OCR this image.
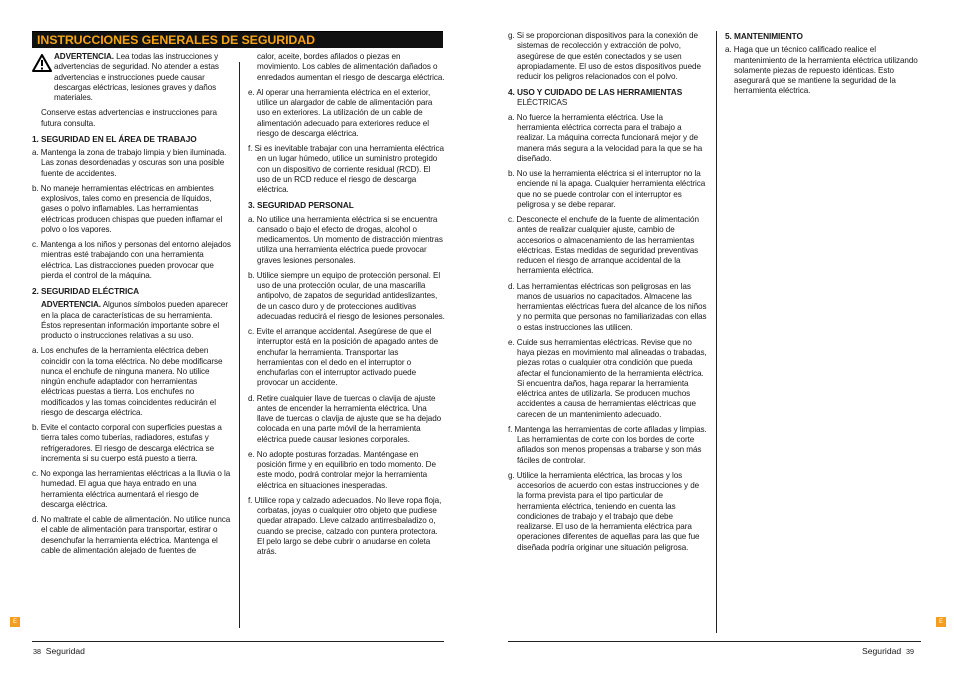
INSTRUCCIONES GENERALES DE SEGURIDAD
ADVERTENCIA. Lea todas las instrucciones y advertencias de seguridad. No atender a estas advertencias e instrucciones puede causar descargas eléctricas, lesiones graves y daños materiales.

Conserve estas advertencias e instrucciones para futura consulta.

1. SEGURIDAD EN EL ÁREA DE TRABAJO

a. Mantenga la zona de trabajo limpia y bien iluminada. Las zonas desordenadas y oscuras son una posible fuente de accidentes.

b. No maneje herramientas eléctricas en ambientes explosivos, tales como en presencia de líquidos, gases o polvo inflamables. Las herramientas eléctricas producen chispas que pueden inflamar el polvo o los vapores.

c. Mantenga a los niños y personas del entorno alejados mientras esté trabajando con una herramienta eléctrica. Las distracciones pueden provocar que pierda el control de la máquina.

2. SEGURIDAD ELÉCTRICA

ADVERTENCIA. Algunos símbolos pueden aparecer en la placa de características de su herramienta. Éstos representan información importante sobre el producto o instrucciones relativas a su uso.

a. Los enchufes de la herramienta eléctrica deben coincidir con la toma eléctrica. No debe modificarse nunca el enchufe de ninguna manera. No utilice ningún enchufe adaptador con herramientas eléctricas puestas a tierra. Los enchufes no modificados y las tomas coincidentes reducirán el riesgo de descarga eléctrica.

b. Evite el contacto corporal con superficies puestas a tierra tales como tuberías, radiadores, estufas y refrigeradores. El riesgo de descarga eléctrica se incrementa si su cuerpo está puesto a tierra.

c. No exponga las herramientas eléctricas a la lluvia o la humedad. El agua que haya entrado en una herramienta eléctrica aumentará el riesgo de descarga eléctrica.

d. No maltrate el cable de alimentación. No utilice nunca el cable de alimentación para transportar, estirar o desenchufar la herramienta eléctrica. Mantenga el cable de alimentación alejado de fuentes de

calor, aceite, bordes afilados o piezas en movimiento. Los cables de alimentación dañados o enredados aumentan el riesgo de descarga eléctrica.

e. Al operar una herramienta eléctrica en el exterior, utilice un alargador de cable de alimentación para uso en exteriores. La utilización de un cable de alimentación adecuado para exteriores reduce el riesgo de descarga eléctrica.

f. Si es inevitable trabajar con una herramienta eléctrica en un lugar húmedo, utilice un suministro protegido con un dispositivo de corriente residual (RCD). El uso de un RCD reduce el riesgo de descarga eléctrica.

3. SEGURIDAD PERSONAL

a. No utilice una herramienta eléctrica si se encuentra cansado o bajo el efecto de drogas, alcohol o medicamentos. Un momento de distracción mientras utiliza una herramienta eléctrica puede provocar graves lesiones personales.

b. Utilice siempre un equipo de protección personal. El uso de una protección ocular, de una mascarilla antipolvo, de zapatos de seguridad antideslizantes, de un casco duro y de protecciones auditivas adecuadas reducirá el riesgo de lesiones personales.

c. Evite el arranque accidental. Asegúrese de que el interruptor está en la posición de apagado antes de enchufar la herramienta. Transportar las herramientas con el dedo en el interruptor o enchufarlas con el interruptor activado puede provocar un accidente.

d. Retire cualquier llave de tuercas o clavija de ajuste antes de encender la herramienta eléctrica. Una llave de tuercas o clavija de ajuste que se ha dejado colocada en una parte móvil de la herramienta eléctrica puede causar lesiones corporales.

e. No adopte posturas forzadas. Manténgase en posición firme y en equilibrio en todo momento. De este modo, podrá controlar mejor la herramienta eléctrica en situaciones inesperadas.

f. Utilice ropa y calzado adecuados. No lleve ropa floja, corbatas, joyas o cualquier otro objeto que pudiese quedar atrapado. Lleve calzado antirresbaladizo o, cuando se precise, calzado con puntera protectora. El pelo largo se debe cubrir o anudarse en coleta atrás.

E
38 Seguridad

g. Si se proporcionan dispositivos para la conexión de sistemas de recolección y extracción de polvo, asegúrese de que estén conectados y se usen apropiadamente. El uso de estos dispositivos puede reducir los peligros relacionados con el polvo.

4. USO Y CUIDADO DE LAS HERRAMIENTAS

ELÉCTRICAS

a. No fuerce la herramienta eléctrica. Use la herramienta eléctrica correcta para el trabajo a realizar. La máquina correcta funcionará mejor y de manera más segura a la velocidad para la que se ha diseñado.

b. No use la herramienta eléctrica si el interruptor no la enciende ni la apaga. Cualquier herramienta eléctrica que no se puede controlar con el interruptor es peligrosa y se debe reparar.

c. Desconecte el enchufe de la fuente de alimentación antes de realizar cualquier ajuste, cambio de accesorios o almacenamiento de las herramientas eléctricas. Estas medidas de seguridad preventivas reducen el riesgo de arranque accidental de la herramienta eléctrica.

d. Las herramientas eléctricas son peligrosas en las manos de usuarios no capacitados. Almacene las herramientas eléctricas fuera del alcance de los niños y no permita que personas no familiarizadas con ellas o estas instrucciones las utilicen.

e. Cuide sus herramientas eléctricas. Revise que no haya piezas en movimiento mal alineadas o trabadas, piezas rotas o cualquier otra condición que pueda afectar el funcionamiento de la herramienta eléctrica. Si encuentra daños, haga reparar la herramienta eléctrica antes de utilizarla. Se producen muchos accidentes a causa de herramientas eléctricas que carecen de un mantenimiento adecuado.

f. Mantenga las herramientas de corte afiladas y limpias. Las herramientas de corte con los bordes de corte afilados son menos propensas a trabarse y son más fáciles de controlar.

g. Utilice la herramienta eléctrica, las brocas y los accesorios de acuerdo con estas instrucciones y de la forma prevista para el tipo particular de herramienta eléctrica, teniendo en cuenta las condiciones de trabajo y el trabajo que debe realizarse. El uso de la herramienta eléctrica para operaciones diferentes de aquellas para las que fue diseñada podría originar une situación peligrosa.

5. MANTENIMIENTO

a. Haga que un técnico calificado realice el mantenimiento de la herramienta eléctrica utilizando solamente piezas de repuesto idénticas. Esto asegurará que se mantiene la seguridad de la herramienta eléctrica.

E
Seguridad 39
